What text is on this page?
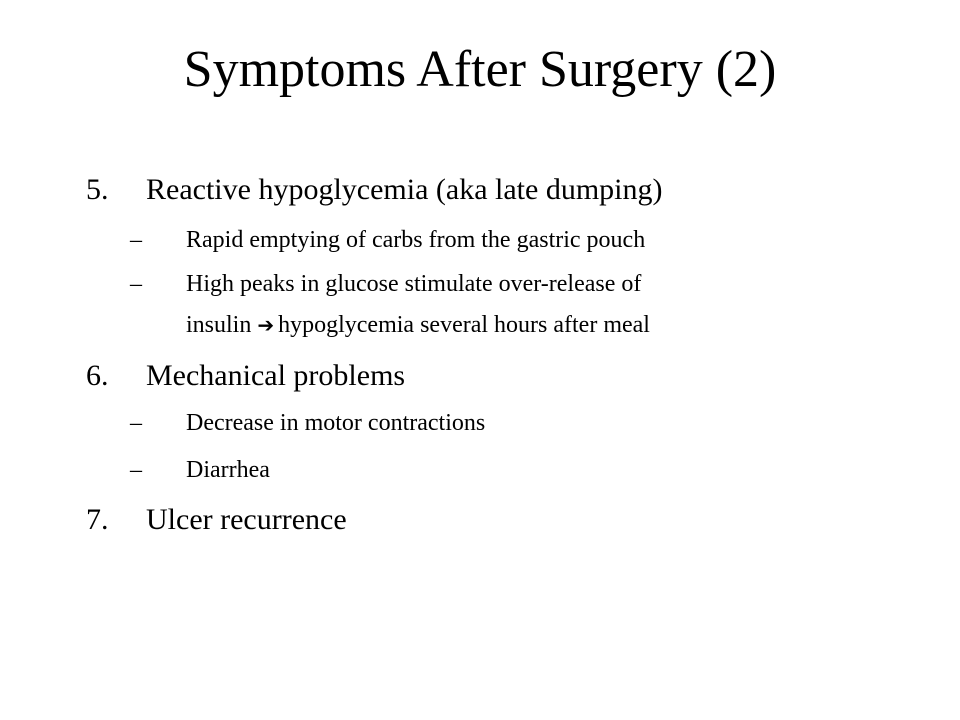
Symptoms After Surgery (2)
5. Reactive hypoglycemia (aka late dumping)
– Rapid emptying of carbs from the gastric pouch
– High peaks in glucose stimulate over-release of
insulin ➔ hypoglycemia several hours after meal
6. Mechanical problems
– Decrease in motor contractions
– Diarrhea
7. Ulcer recurrence
